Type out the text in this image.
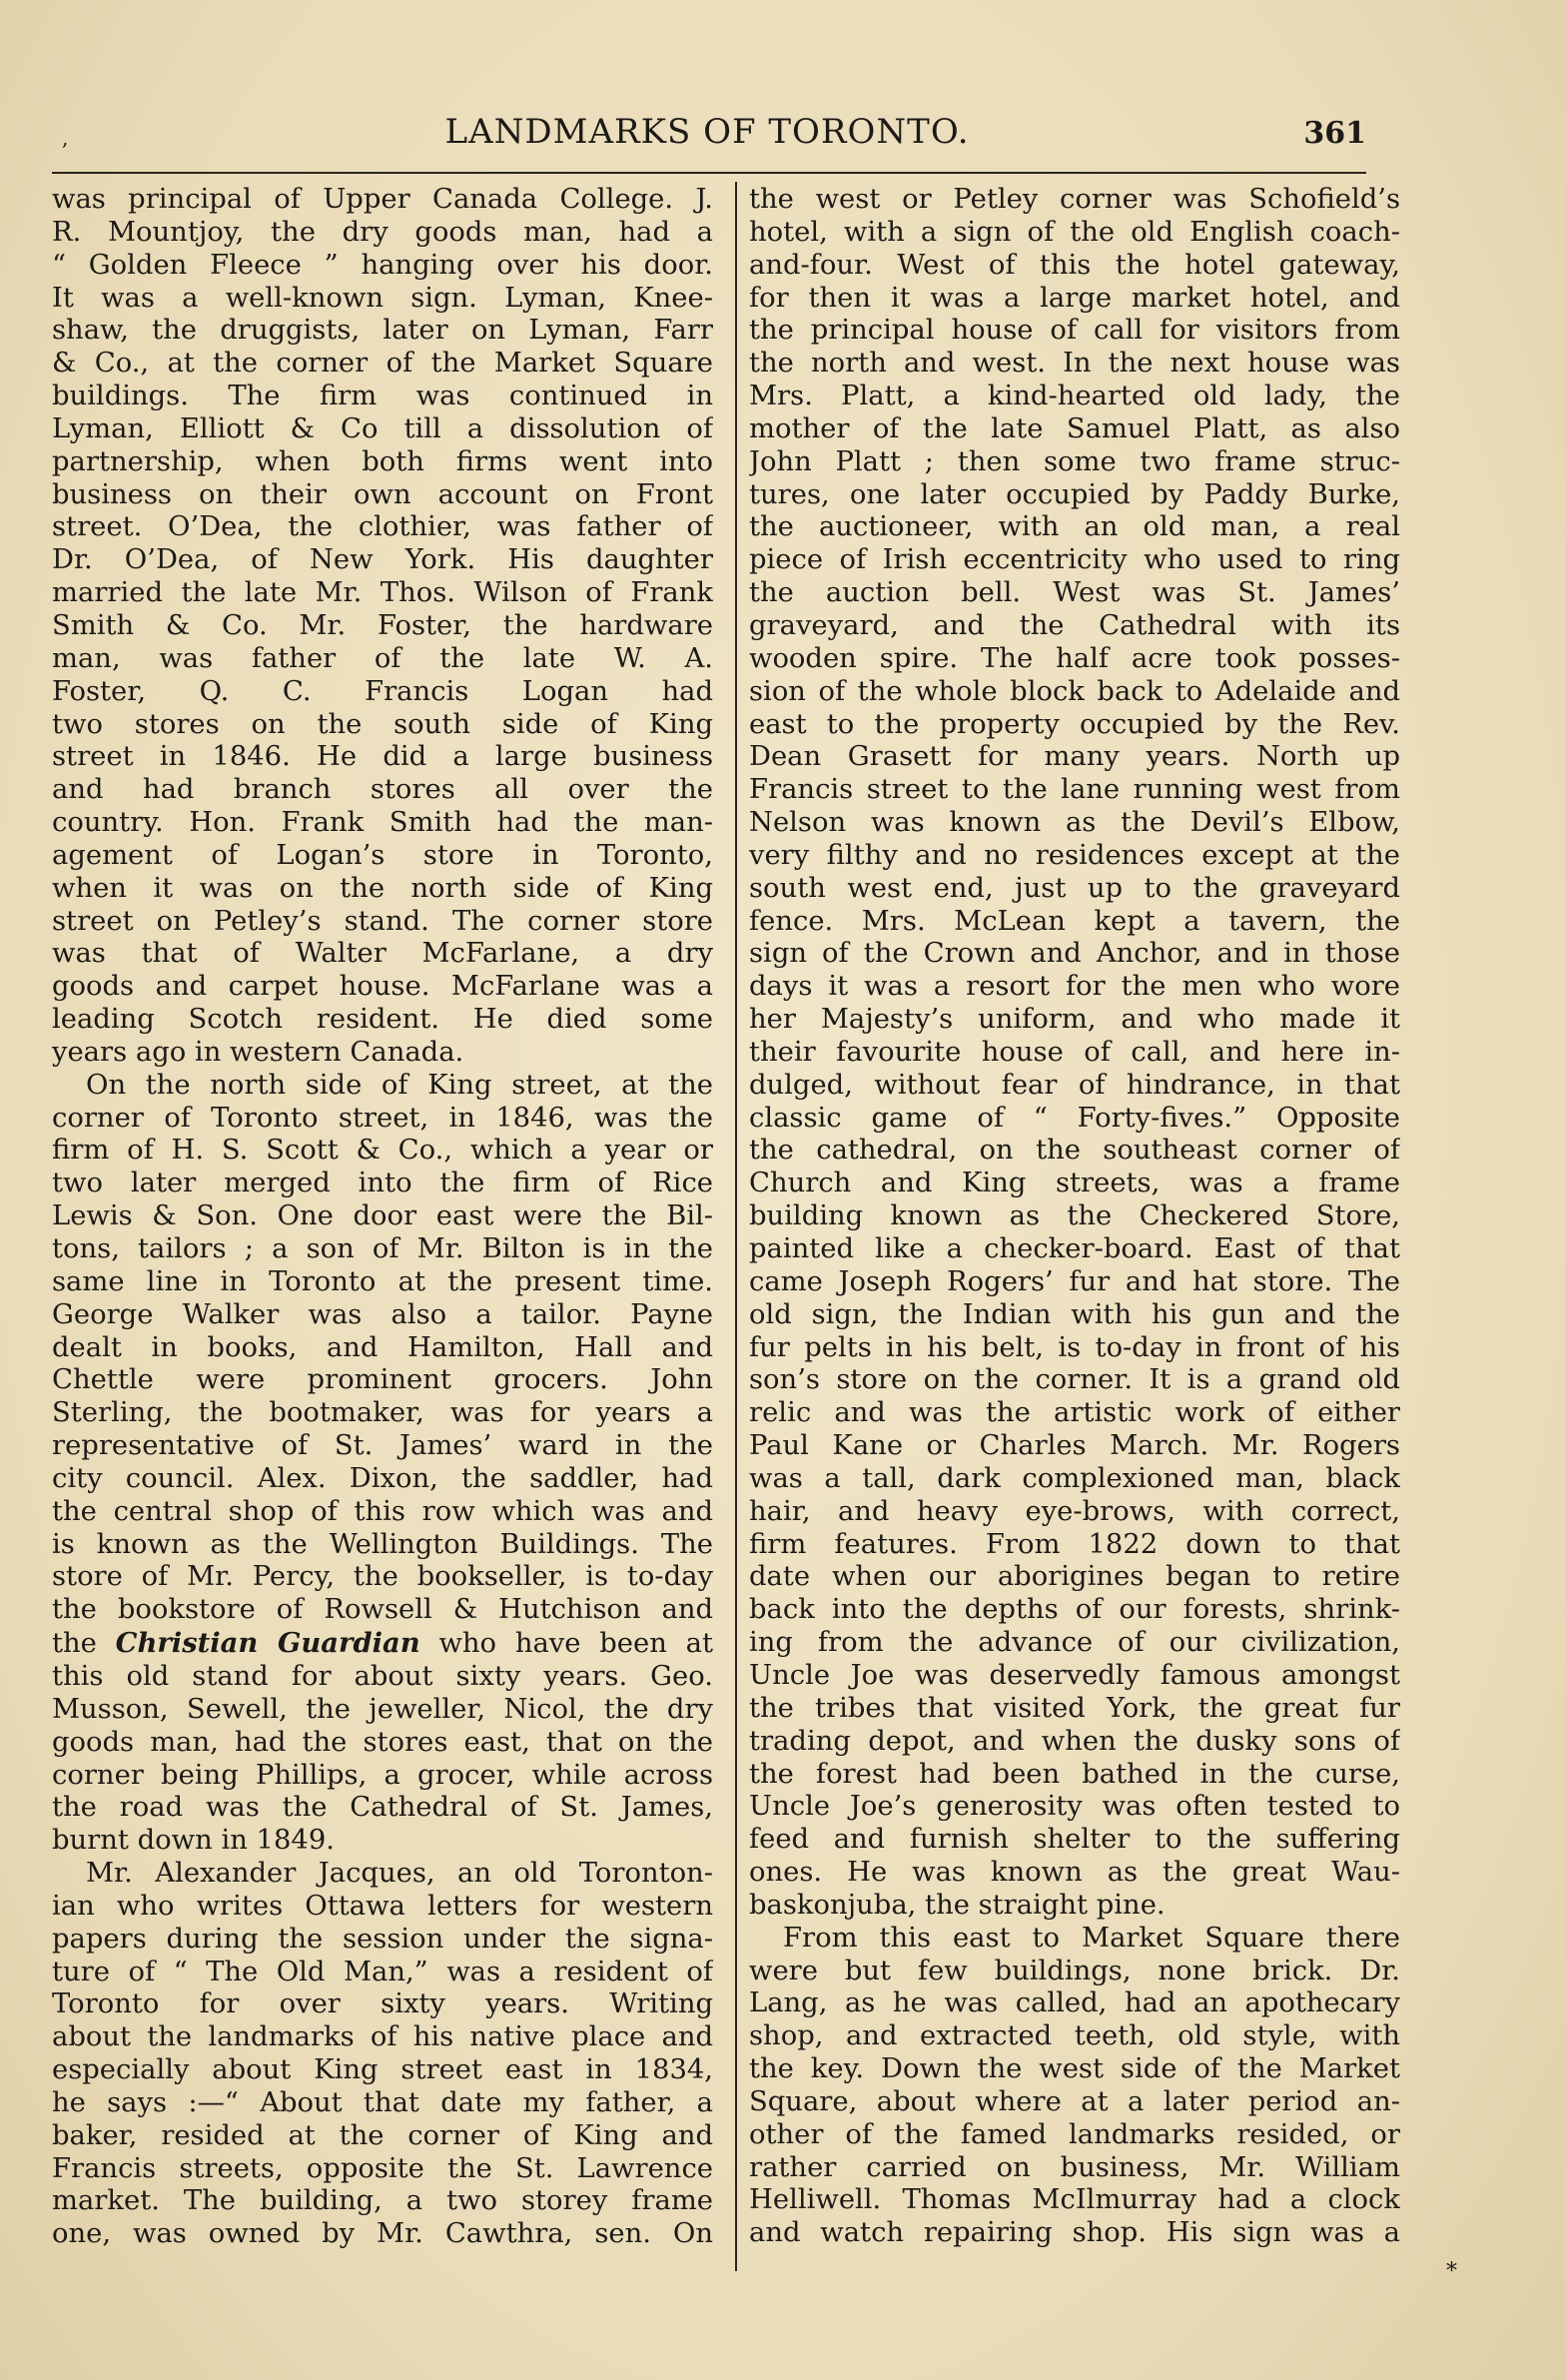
,	LANDMARKS OF TORONTO.	361
was principal of Upper Canada College. J.
R. Mountjoy, the dry goods man, had a
“ Golden Fleece ” hanging over his door.
It was a well-known sign. Lyman, Knee-
shaw, the druggists, later on Lyman, Farr
& Co., at the corner of the Market Square
buildings. The firm was continued in
Lyman, Elliott & Co till a dissolution of
partnership, when both firms went into
business on their own account on Front
street. O’Dea, the clothier, was father of
Dr. O’Dea, of New York. His daughter
married the late Mr. Thos. Wilson of Frank
Smith & Co. Mr. Foster, the hardware
man, was father of the late W. A.
Foster, Q. C. Francis Logan had
two stores on the south side of King
street in 1846. He did a large business
and had branch stores all over the
country. Hon. Frank Smith had the man-
agement of Logan’s store in Toronto,
when it was on the north side of King
street on Petley’s stand. The corner store
was that of Walter McFarlane, a dry
goods and carpet house. McFarlane was a
leading Scotch resident. He died some
years ago in western Canada.
On the north side of King street, at the
corner of Toronto street, in 1846, was the
firm of H. S. Scott & Co., which a year or
two later merged into the firm of Rice
Lewis & Son. One door east were the Bil-
tons, tailors ; a son of Mr. Bilton is in the
same line in Toronto at the present time.
George Walker was also a tailor. Payne
dealt in books, and Hamilton, Hall and
Chettle were prominent grocers. John
Sterling, the bootmaker, was for years a
representative of St. James’ ward in the
city council. Alex. Dixon, the saddler, had
the central shop of this row which was and
is known as the Wellington Buildings. The
store of Mr. Percy, the bookseller, is to-day
the bookstore of Rowsell & Hutchison and
the Christian Guardian who have been at
this old stand for about sixty years. Geo.
Musson, Sewell, the jeweller, Nicol, the dry
goods man, had the stores east, that on the
corner being Phillips, a grocer, while across
the road was the Cathedral of St. James,
burnt down in 1849.
Mr. Alexander Jacques, an old Toronton-
ian who writes Ottawa letters for western
papers during the session under the signa-
ture of “ The Old Man,” was a resident of
Toronto for over sixty years. Writing
about the landmarks of his native place and
especially about King street east in 1834,
he says :—“ About that date my father, a
baker, resided at the corner of King and
Francis streets, opposite the St. Lawrence
market. The building, a two storey frame
one, was owned by Mr. Cawthra, sen. On
the west or Petley corner was Schofield’s
hotel, with a sign of the old English coach-
and-four. West of this the hotel gateway,
for then it was a large market hotel, and
the principal house of call for visitors from
the north and west. In the next house was
Mrs. Platt, a kind-hearted old lady, the
mother of the late Samuel Platt, as also
John Platt ; then some two frame struc-
tures, one later occupied by Paddy Burke,
the auctioneer, with an old man, a real
piece of Irish eccentricity who used to ring
the auction bell. West was St. James’
graveyard, and the Cathedral with its
wooden spire. The half acre took posses-
sion of the whole block back to Adelaide and
east to the property occupied by the Rev.
Dean Grasett for many years. North up
Francis street to the lane running west from
Nelson was known as the Devil’s Elbow,
very filthy and no residences except at the
south west end, just up to the graveyard
fence. Mrs. McLean kept a tavern, the
sign of the Crown and Anchor, and in those
days it was a resort for the men who wore
her Majesty’s uniform, and who made it
their favourite house of call, and here in-
dulged, without fear of hindrance, in that
classic game of “ Forty-fives.” Opposite
the cathedral, on the southeast corner of
Church and King streets, was a frame
building known as the Checkered Store,
painted like a checker-board. East of that
came Joseph Rogers’ fur and hat store. The
old sign, the Indian with his gun and the
fur pelts in his belt, is to-day in front of his
son’s store on the corner. It is a grand old
relic and was the artistic work of either
Paul Kane or Charles March. Mr. Rogers
was a tall, dark complexioned man, black
hair, and heavy eye-brows, with correct,
firm features. From 1822 down to that
date when our aborigines began to retire
back into the depths of our forests, shrink-
ing from the advance of our civilization,
Uncle Joe was deservedly famous amongst
the tribes that visited York, the great fur
trading depot, and when the dusky sons of
the forest had been bathed in the curse,
Uncle Joe’s generosity was often tested to
feed and furnish shelter to the suffering
ones. He was known as the great Wau-
baskonjuba, the straight pine.
From this east to Market Square there
were but few buildings, none brick. Dr.
Lang, as he was called, had an apothecary
shop, and extracted teeth, old style, with
the key. Down the west side of the Market
Square, about where at a later period an-
other of the famed landmarks resided, or
rather carried on business, Mr. William
Helliwell. Thomas McIlmurray had a clock
and watch repairing shop. His sign was a
*
